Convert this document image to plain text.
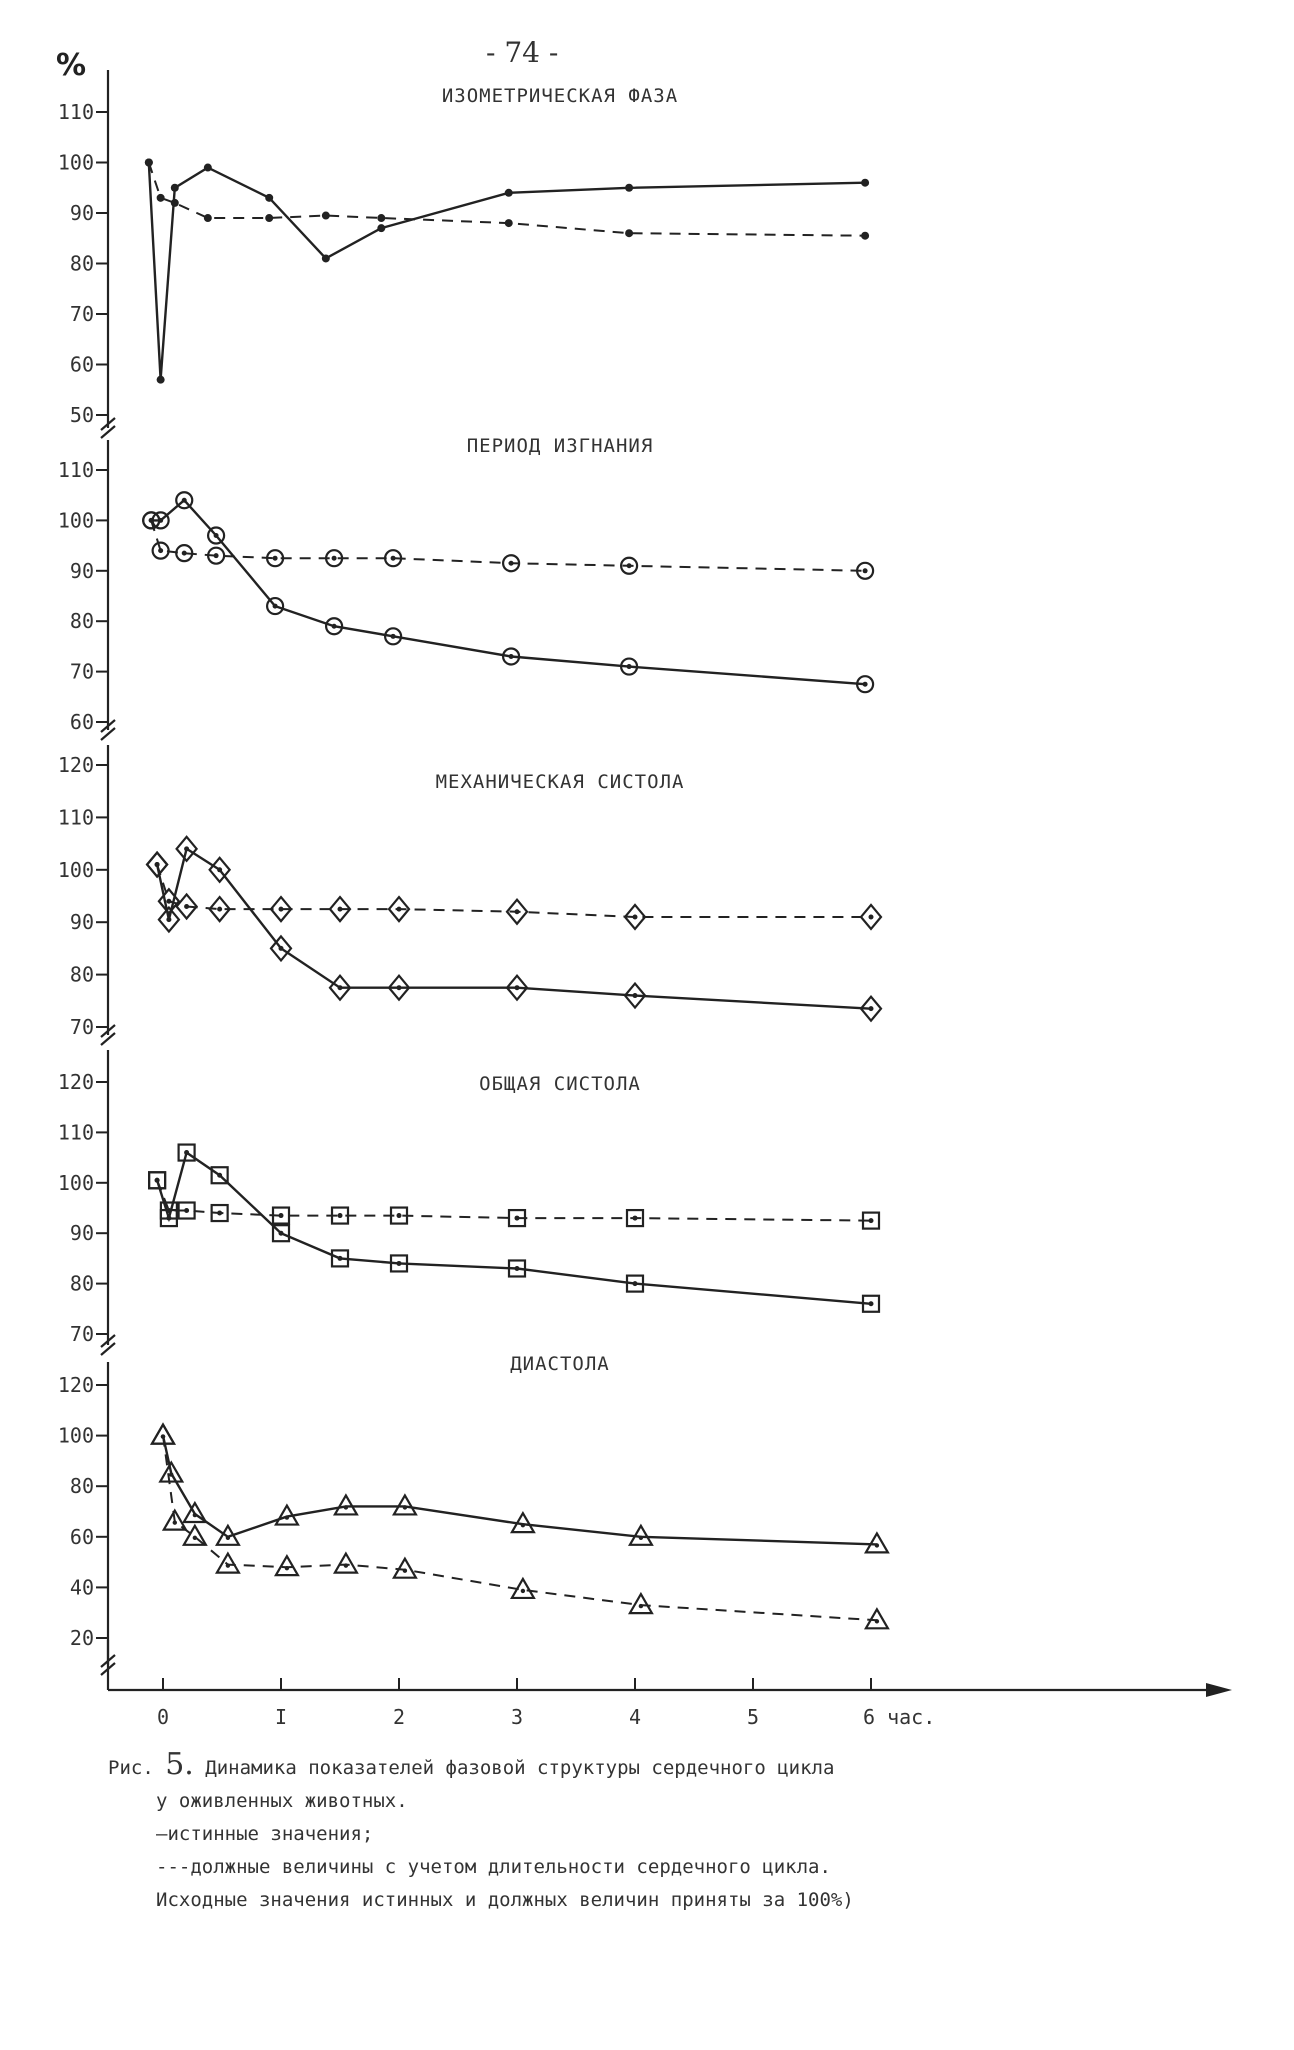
- 74 -
%
50
60
70
80
90
100
110
ИЗОМЕТРИЧЕСКАЯ ФАЗА
60
70
80
90
100
110
ПЕРИОД ИЗГНАНИЯ
70
80
90
100
110
120
МЕХАНИЧЕСКАЯ СИСТОЛА
70
80
90
100
110
120	ОБЩАЯ СИСТОЛА
20
40
60
80
100
120
ДИАСТОЛА
0	I	2	3	4	5	6 час.
Рис. 5. Динамика показателей фазовой структуры сердечного цикла
у оживленных животных.
—истинные значения;
---должные величины с учетом длительности сердечного цикла.
Исходные значения истинных и должных величин приняты за 100%)
